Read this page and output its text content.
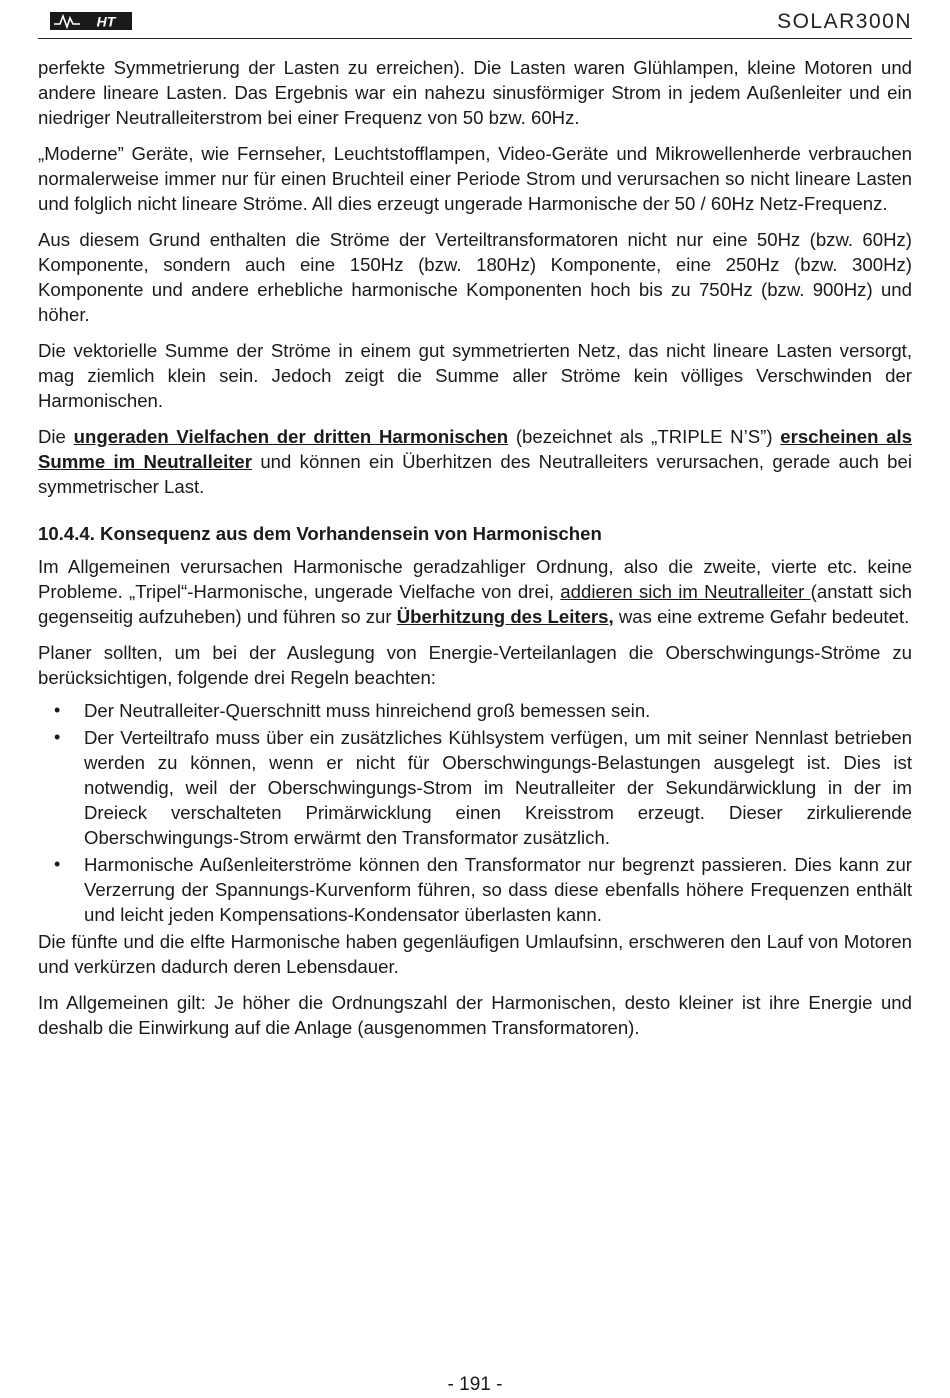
HT	SOLAR300N

perfekte Symmetrierung der Lasten zu erreichen). Die Lasten waren Glühlampen, kleine Motoren und andere lineare Lasten. Das Ergebnis war ein nahezu sinusförmiger Strom in jedem Außenleiter und ein niedriger Neutralleiterstrom bei einer Frequenz von 50 bzw. 60Hz.

„Moderne” Geräte, wie Fernseher, Leuchtstofflampen, Video-Geräte und Mikrowellenherde verbrauchen normalerweise immer nur für einen Bruchteil einer Periode Strom und verursachen so nicht lineare Lasten und folglich nicht lineare Ströme. All dies erzeugt ungerade Harmonische der 50 / 60Hz Netz-Frequenz.

Aus diesem Grund enthalten die Ströme der Verteiltransformatoren nicht nur eine 50Hz (bzw. 60Hz) Komponente, sondern auch eine 150Hz (bzw. 180Hz) Komponente, eine 250Hz (bzw. 300Hz) Komponente und andere erhebliche harmonische Komponenten hoch bis zu 750Hz (bzw. 900Hz) und höher.

Die vektorielle Summe der Ströme in einem gut symmetrierten Netz, das nicht lineare Lasten versorgt, mag ziemlich klein sein. Jedoch zeigt die Summe aller Ströme kein völliges Verschwinden der Harmonischen.

Die ungeraden Vielfachen der dritten Harmonischen (bezeichnet als „TRIPLE N’S”) erscheinen als Summe im Neutralleiter und können ein Überhitzen des Neutralleiters verursachen, gerade auch bei symmetrischer Last.

10.4.4. Konsequenz aus dem Vorhandensein von Harmonischen

Im Allgemeinen verursachen Harmonische geradzahliger Ordnung, also die zweite, vierte etc. keine Probleme. „Tripel“-Harmonische, ungerade Vielfache von drei, addieren sich im Neutralleiter (anstatt sich gegenseitig aufzuheben) und führen so zur Überhitzung des Leiters, was eine extreme Gefahr bedeutet.

Planer sollten, um bei der Auslegung von Energie-Verteilanlagen die Oberschwingungs-Ströme zu berücksichtigen, folgende drei Regeln beachten:

• Der Neutralleiter-Querschnitt muss hinreichend groß bemessen sein.
• Der Verteiltrafo muss über ein zusätzliches Kühlsystem verfügen, um mit seiner Nennlast betrieben werden zu können, wenn er nicht für Oberschwingungs-Belastungen ausgelegt ist. Dies ist notwendig, weil der Oberschwingungs-Strom im Neutralleiter der Sekundärwicklung in der im Dreieck verschalteten Primärwicklung einen Kreisstrom erzeugt. Dieser zirkulierende Oberschwingungs-Strom erwärmt den Transformator zusätzlich.
• Harmonische Außenleiterströme können den Transformator nur begrenzt passieren. Dies kann zur Verzerrung der Spannungs-Kurvenform führen, so dass diese ebenfalls höhere Frequenzen enthält und leicht jeden Kompensations-Kondensator überlasten kann.

Die fünfte und die elfte Harmonische haben gegenläufigen Umlaufsinn, erschweren den Lauf von Motoren und verkürzen dadurch deren Lebensdauer.

Im Allgemeinen gilt: Je höher die Ordnungszahl der Harmonischen, desto kleiner ist ihre Energie und deshalb die Einwirkung auf die Anlage (ausgenommen Transformatoren).

- 191 -
